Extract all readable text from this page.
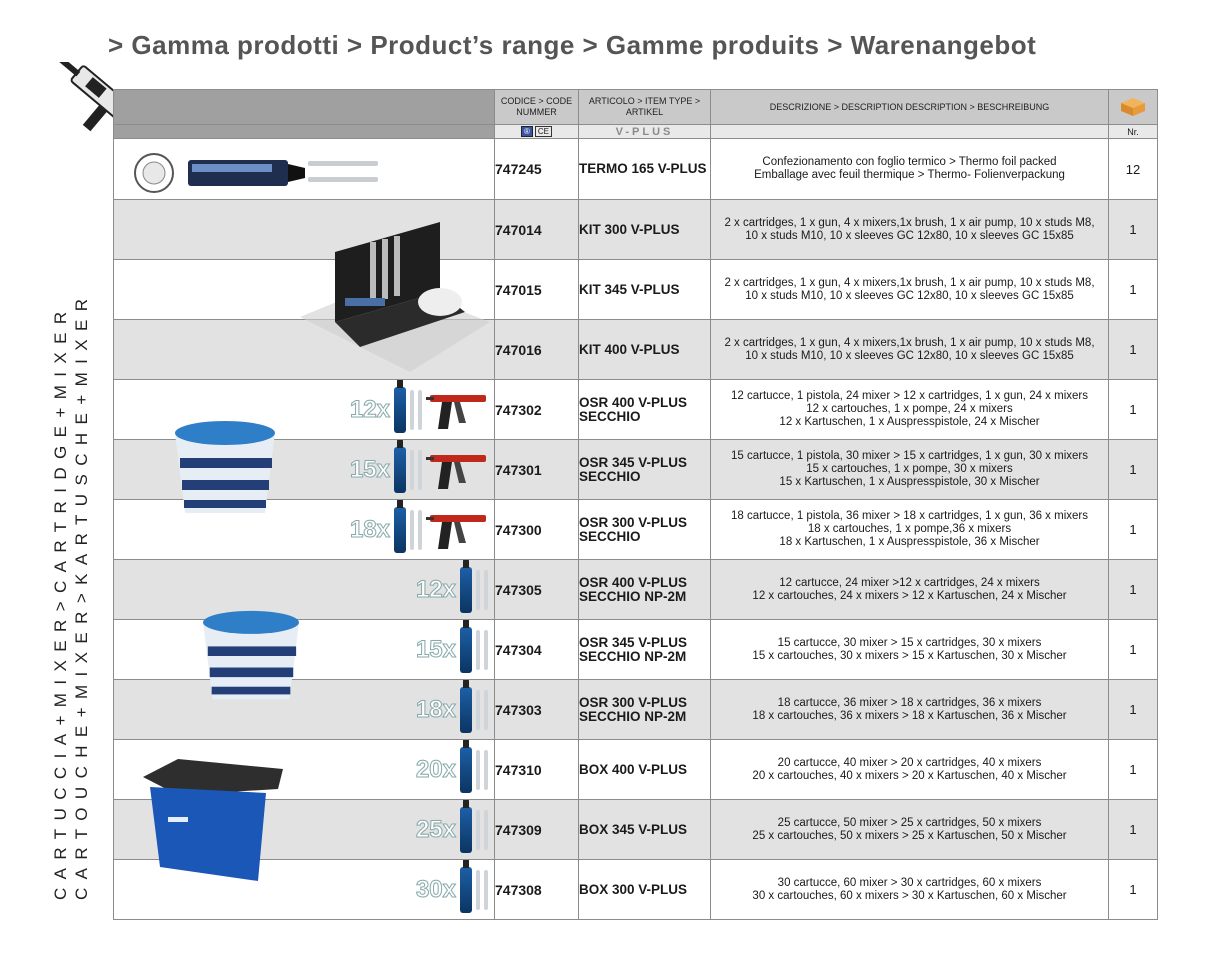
> Gamma prodotti > Product’s range > Gamme produits > Warenangebot
CARTUCCIA+MIXER>CARTRIDGE+MIXER CARTOUCHE+MIXER>KARTUSCHE+MIXER
	CODICE > CODE NUMMER	ARTICOLO > ITEM TYPE > ARTIKEL	DESCRIZIONE > DESCRIPTION DESCRIPTION > BESCHREIBUNG	
	® CE	V-PLUS		Nr.
	747245	TERMO 165 V-PLUS	Confezionamento con foglio termico > Thermo foil packed
Emballage avec feuil thermique > Thermo- Folienverpackung	12
	747014	KIT 300 V-PLUS	2 x cartridges, 1 x gun, 4 x mixers,1x brush, 1 x air pump, 10 x studs M8,
10 x studs M10, 10 x sleeves GC 12x80, 10 x sleeves GC 15x85	1
	747015	KIT 345 V-PLUS	2 x cartridges, 1 x gun, 4 x mixers,1x brush, 1 x air pump, 10 x studs M8,
10 x studs M10, 10 x sleeves GC 12x80, 10 x sleeves GC 15x85	1
	747016	KIT 400 V-PLUS	2 x cartridges, 1 x gun, 4 x mixers,1x brush, 1 x air pump, 10 x studs M8,
10 x studs M10, 10 x sleeves GC 12x80, 10 x sleeves GC 15x85	1

12x	747302	OSR 400 V-PLUS
SECCHIO	12 cartucce, 1 pistola, 24 mixer > 12 x cartridges, 1 x gun, 24 x mixers
12 x cartouches, 1 x pompe, 24 x mixers
12 x Kartuschen, 1 x Auspresspistole, 24 x Mischer	1

15x	747301	OSR 345 V-PLUS
SECCHIO	15 cartucce, 1 pistola, 30 mixer > 15 x cartridges, 1 x gun, 30 x mixers
15 x cartouches, 1 x pompe, 30 x mixers
15 x Kartuschen, 1 x Auspresspistole, 30 x Mischer	1

18x	747300	OSR 300 V-PLUS
SECCHIO	18 cartucce, 1 pistola, 36 mixer > 18 x cartridges, 1 x gun, 36 x mixers
18 x cartouches, 1 x pompe,36 x mixers
18 x Kartuschen, 1 x Auspresspistole, 36 x Mischer	1

12x	747305	OSR 400 V-PLUS
SECCHIO NP-2M	12 cartucce, 24 mixer >12 x cartridges, 24 x mixers
12 x cartouches, 24 x mixers > 12 x Kartuschen, 24 x Mischer	1

15x	747304	OSR 345 V-PLUS
SECCHIO NP-2M	15 cartucce, 30 mixer > 15 x cartridges, 30 x mixers
15 x cartouches, 30 x mixers > 15 x Kartuschen, 30 x Mischer	1

18x	747303	OSR 300 V-PLUS
SECCHIO NP-2M	18 cartucce, 36 mixer > 18 x cartridges, 36 x mixers
18 x cartouches, 36 x mixers > 18 x Kartuschen, 36 x Mischer	1

20x	747310	BOX 400 V-PLUS	20 cartucce, 40 mixer > 20 x cartridges, 40 x mixers
20 x cartouches, 40 x mixers > 20 x Kartuschen, 40 x Mischer	1

25x	747309	BOX 345 V-PLUS	25 cartucce, 50 mixer > 25 x cartridges, 50 x mixers
25 x cartouches, 50 x mixers > 25 x Kartuschen, 50 x Mischer	1

30x	747308	BOX 300 V-PLUS	30 cartucce, 60 mixer > 30 x cartridges, 60 x mixers
30 x cartouches, 60 x mixers > 30 x Kartuschen, 60 x Mischer	1
